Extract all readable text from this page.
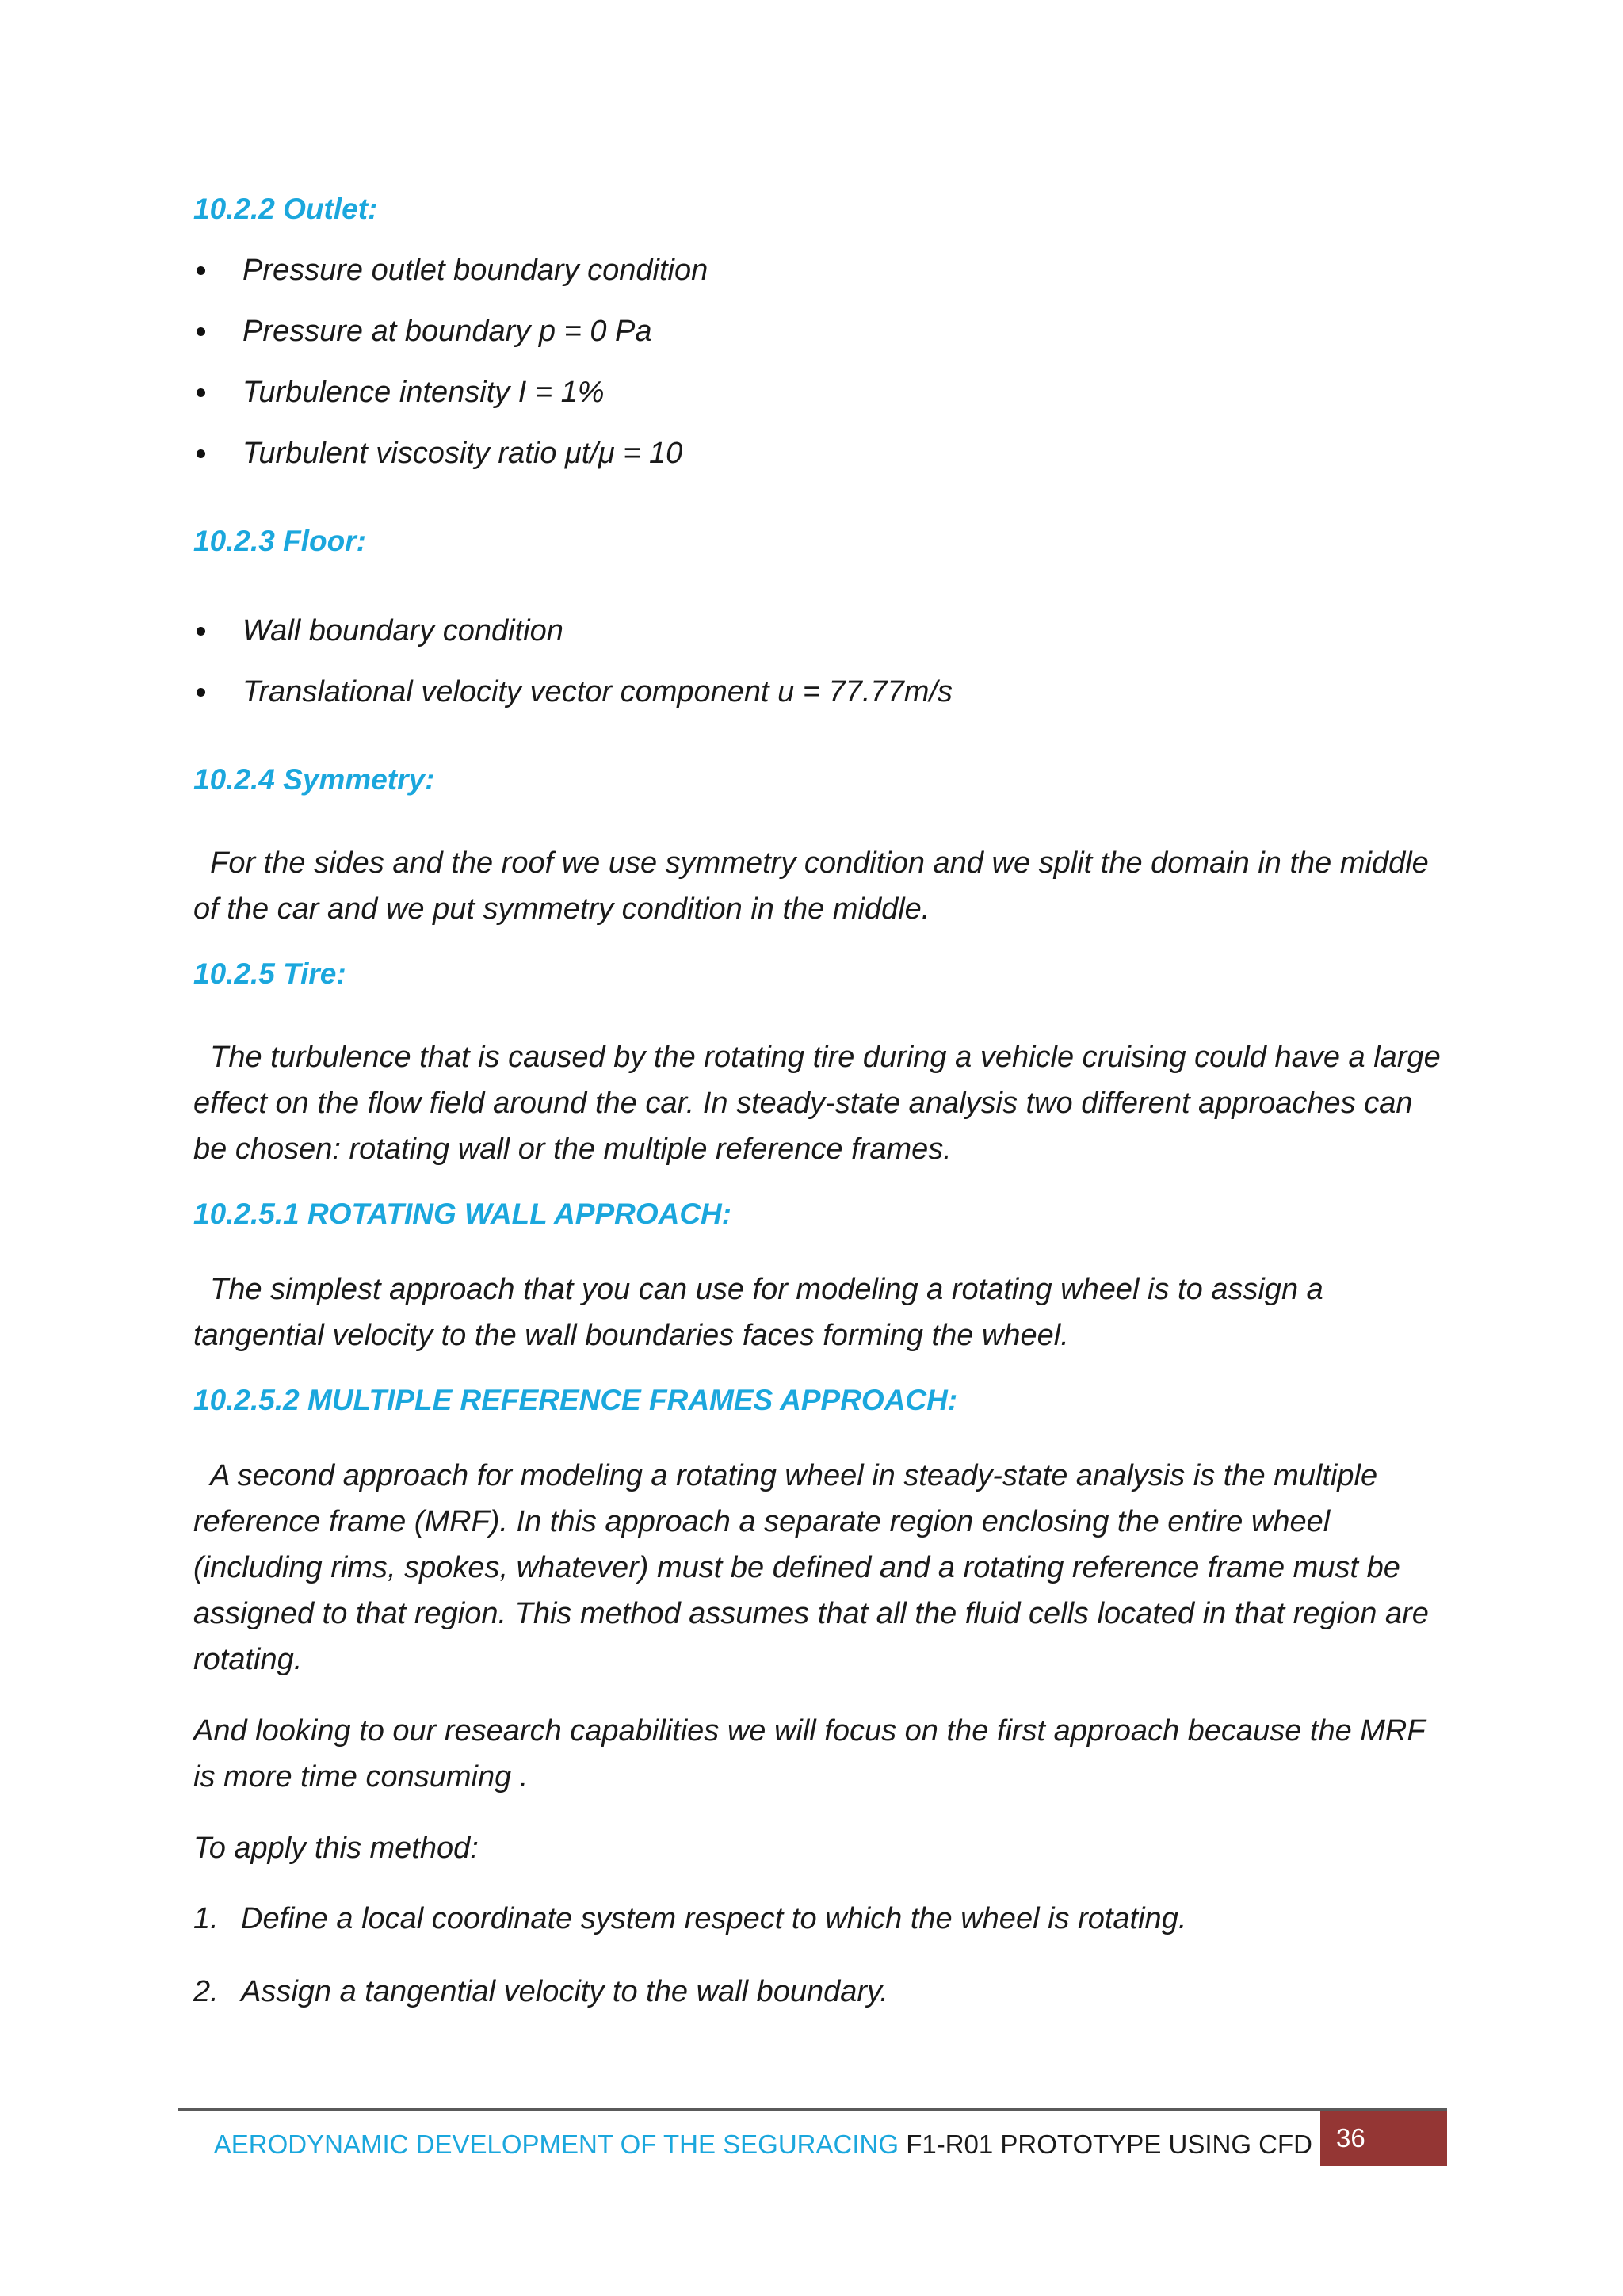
10.2.2 Outlet:
Pressure outlet boundary condition
Pressure at boundary p = 0 Pa
Turbulence intensity I = 1%
Turbulent viscosity ratio μt/μ = 10
10.2.3 Floor:
Wall boundary condition
Translational velocity vector component u = 77.77m/s
10.2.4 Symmetry:

For the sides and the roof we use symmetry condition and we split the domain in the middle of the car and we put symmetry condition in the middle.

10.2.5 Tire:

The turbulence that is caused by the rotating tire during a vehicle cruising could have a large effect on the flow field around the car. In steady-state analysis two different approaches can be chosen: rotating wall or the multiple reference frames.

10.2.5.1 ROTATING WALL APPROACH:

The simplest approach that you can use for modeling a rotating wheel is to assign a tangential velocity to the wall boundaries faces forming the wheel.

10.2.5.2 MULTIPLE REFERENCE FRAMES APPROACH:

A second approach for modeling a rotating wheel in steady-state analysis is the multiple reference frame (MRF). In this approach a separate region enclosing the entire wheel (including rims, spokes, whatever) must be defined and a rotating reference frame must be assigned to that region. This method assumes that all the fluid cells located in that region are rotating.

And looking to our research capabilities we will focus on the first approach because the MRF is more time consuming .

To apply this method:

1. Define a local coordinate system respect to which the wheel is rotating.
2. Assign a tangential velocity to the wall boundary.
AERODYNAMIC DEVELOPMENT OF THE SEGURACING F1-R01 PROTOTYPE USING CFD 36
